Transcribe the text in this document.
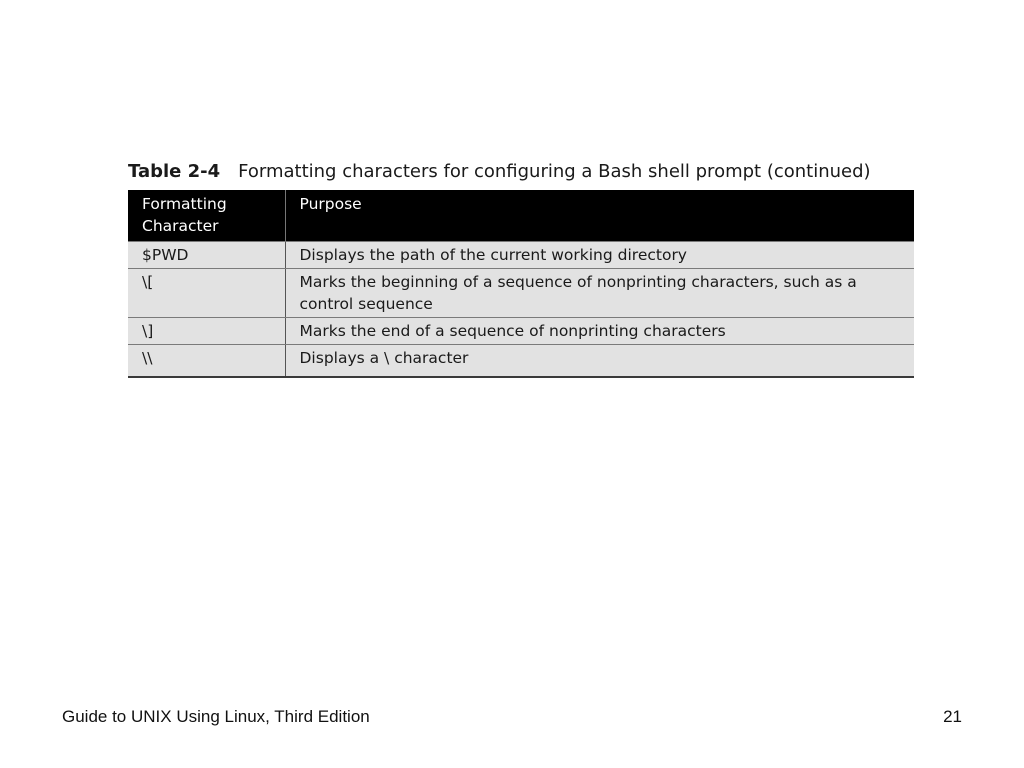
Table 2-4 Formatting characters for configuring a Bash shell prompt (continued)
Formatting
Character	Purpose
$PWD	Displays the path of the current working directory
\[	Marks the beginning of a sequence of nonprinting characters, such as a control sequence
\]	Marks the end of a sequence of nonprinting characters
\\	Displays a \ character
Guide to UNIX Using Linux, Third Edition	21
